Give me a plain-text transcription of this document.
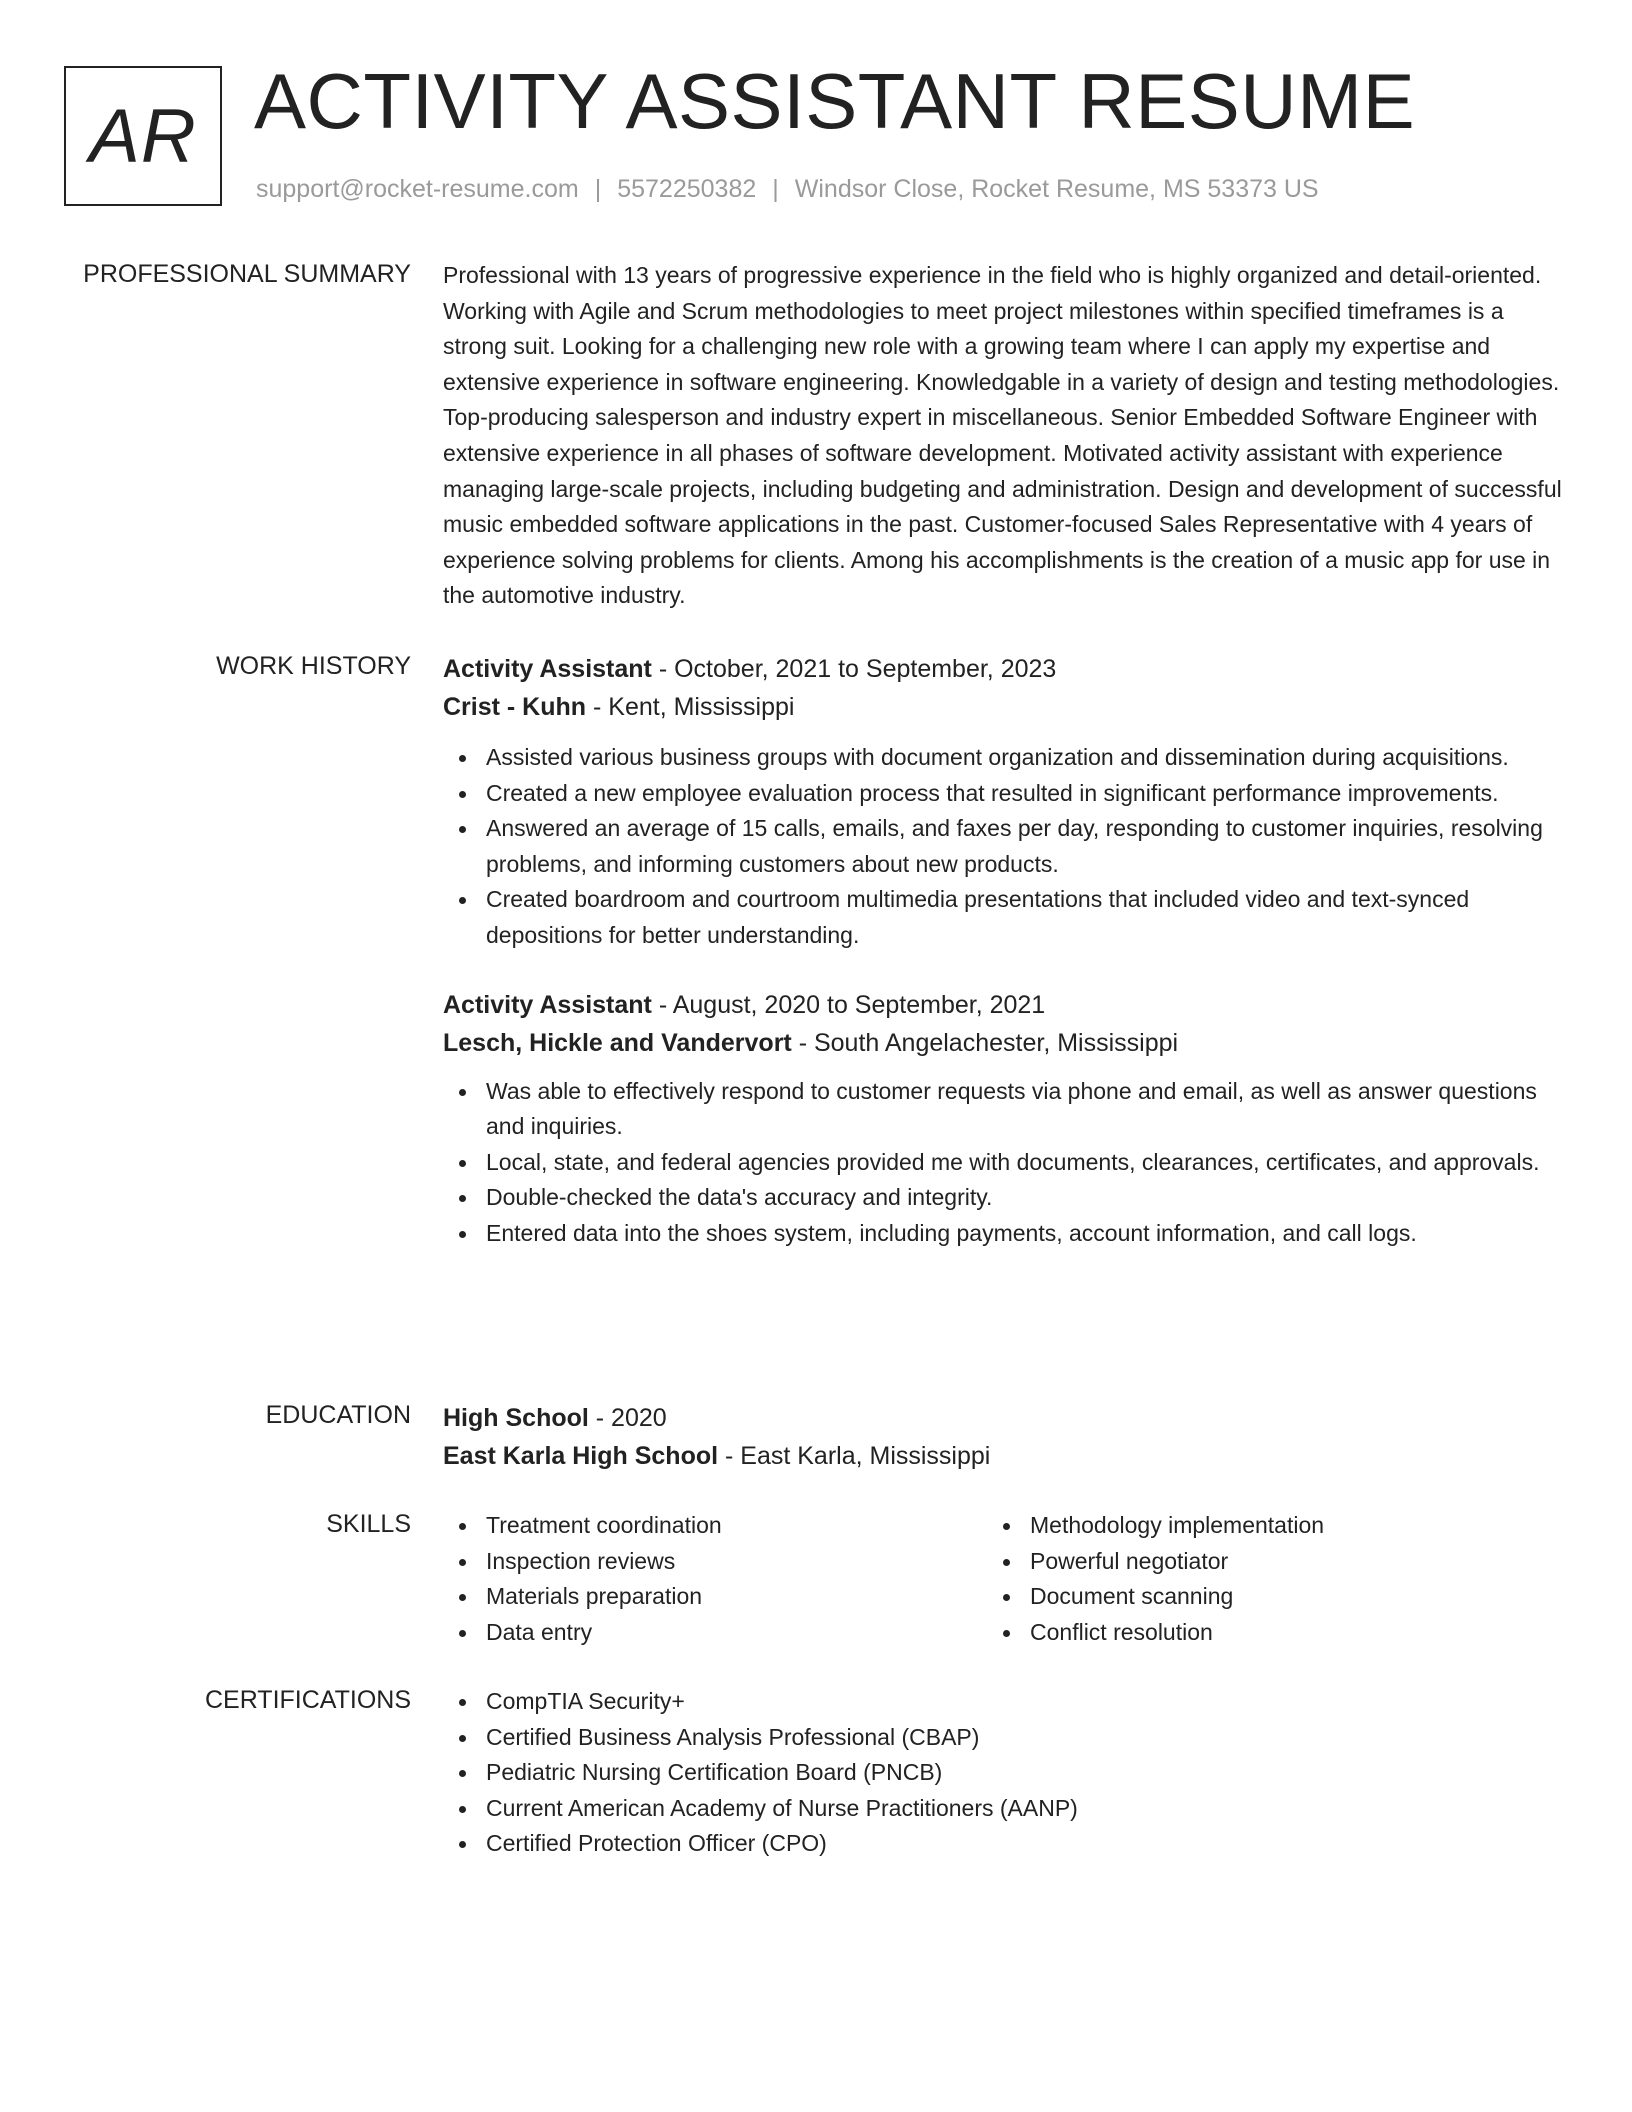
AR ACTIVITY ASSISTANT RESUME
support@rocket-resume.com | 5572250382 | Windsor Close, Rocket Resume, MS 53373 US
PROFESSIONAL SUMMARY Professional with 13 years of progressive experience in the field who is highly organized and detail-oriented. Working with Agile and Scrum methodologies to meet project milestones within specified timeframes is a strong suit. Looking for a challenging new role with a growing team where I can apply my expertise and extensive experience in software engineering. Knowledgable in a variety of design and testing methodologies. Top-producing salesperson and industry expert in miscellaneous. Senior Embedded Software Engineer with extensive experience in all phases of software development. Motivated activity assistant with experience managing large-scale projects, including budgeting and administration. Design and development of successful music embedded software applications in the past. Customer-focused Sales Representative with 4 years of experience solving problems for clients. Among his accomplishments is the creation of a music app for use in the automotive industry.

WORK HISTORY Activity Assistant - October, 2021 to September, 2023
Crist - Kuhn - Kent, Mississippi
Assisted various business groups with document organization and dissemination during acquisitions.
Created a new employee evaluation process that resulted in significant performance improvements.
Answered an average of 15 calls, emails, and faxes per day, responding to customer inquiries, resolving problems, and informing customers about new products.
Created boardroom and courtroom multimedia presentations that included video and text-synced depositions for better understanding.
Activity Assistant - August, 2020 to September, 2021
Lesch, Hickle and Vandervort - South Angelachester, Mississippi
Was able to effectively respond to customer requests via phone and email, as well as answer questions and inquiries.
Local, state, and federal agencies provided me with documents, clearances, certificates, and approvals.
Double-checked the data's accuracy and integrity.
Entered data into the shoes system, including payments, account information, and call logs.
EDUCATION High School - 2020
East Karla High School - East Karla, Mississippi
SKILLS	Treatment coordination
Inspection reviews
Materials preparation
Data entry
Methodology implementation
Powerful negotiator
Document scanning
Conflict resolution
CERTIFICATIONS	CompTIA Security+
Certified Business Analysis Professional (CBAP)
Pediatric Nursing Certification Board (PNCB)
Current American Academy of Nurse Practitioners (AANP)
Certified Protection Officer (CPO)
